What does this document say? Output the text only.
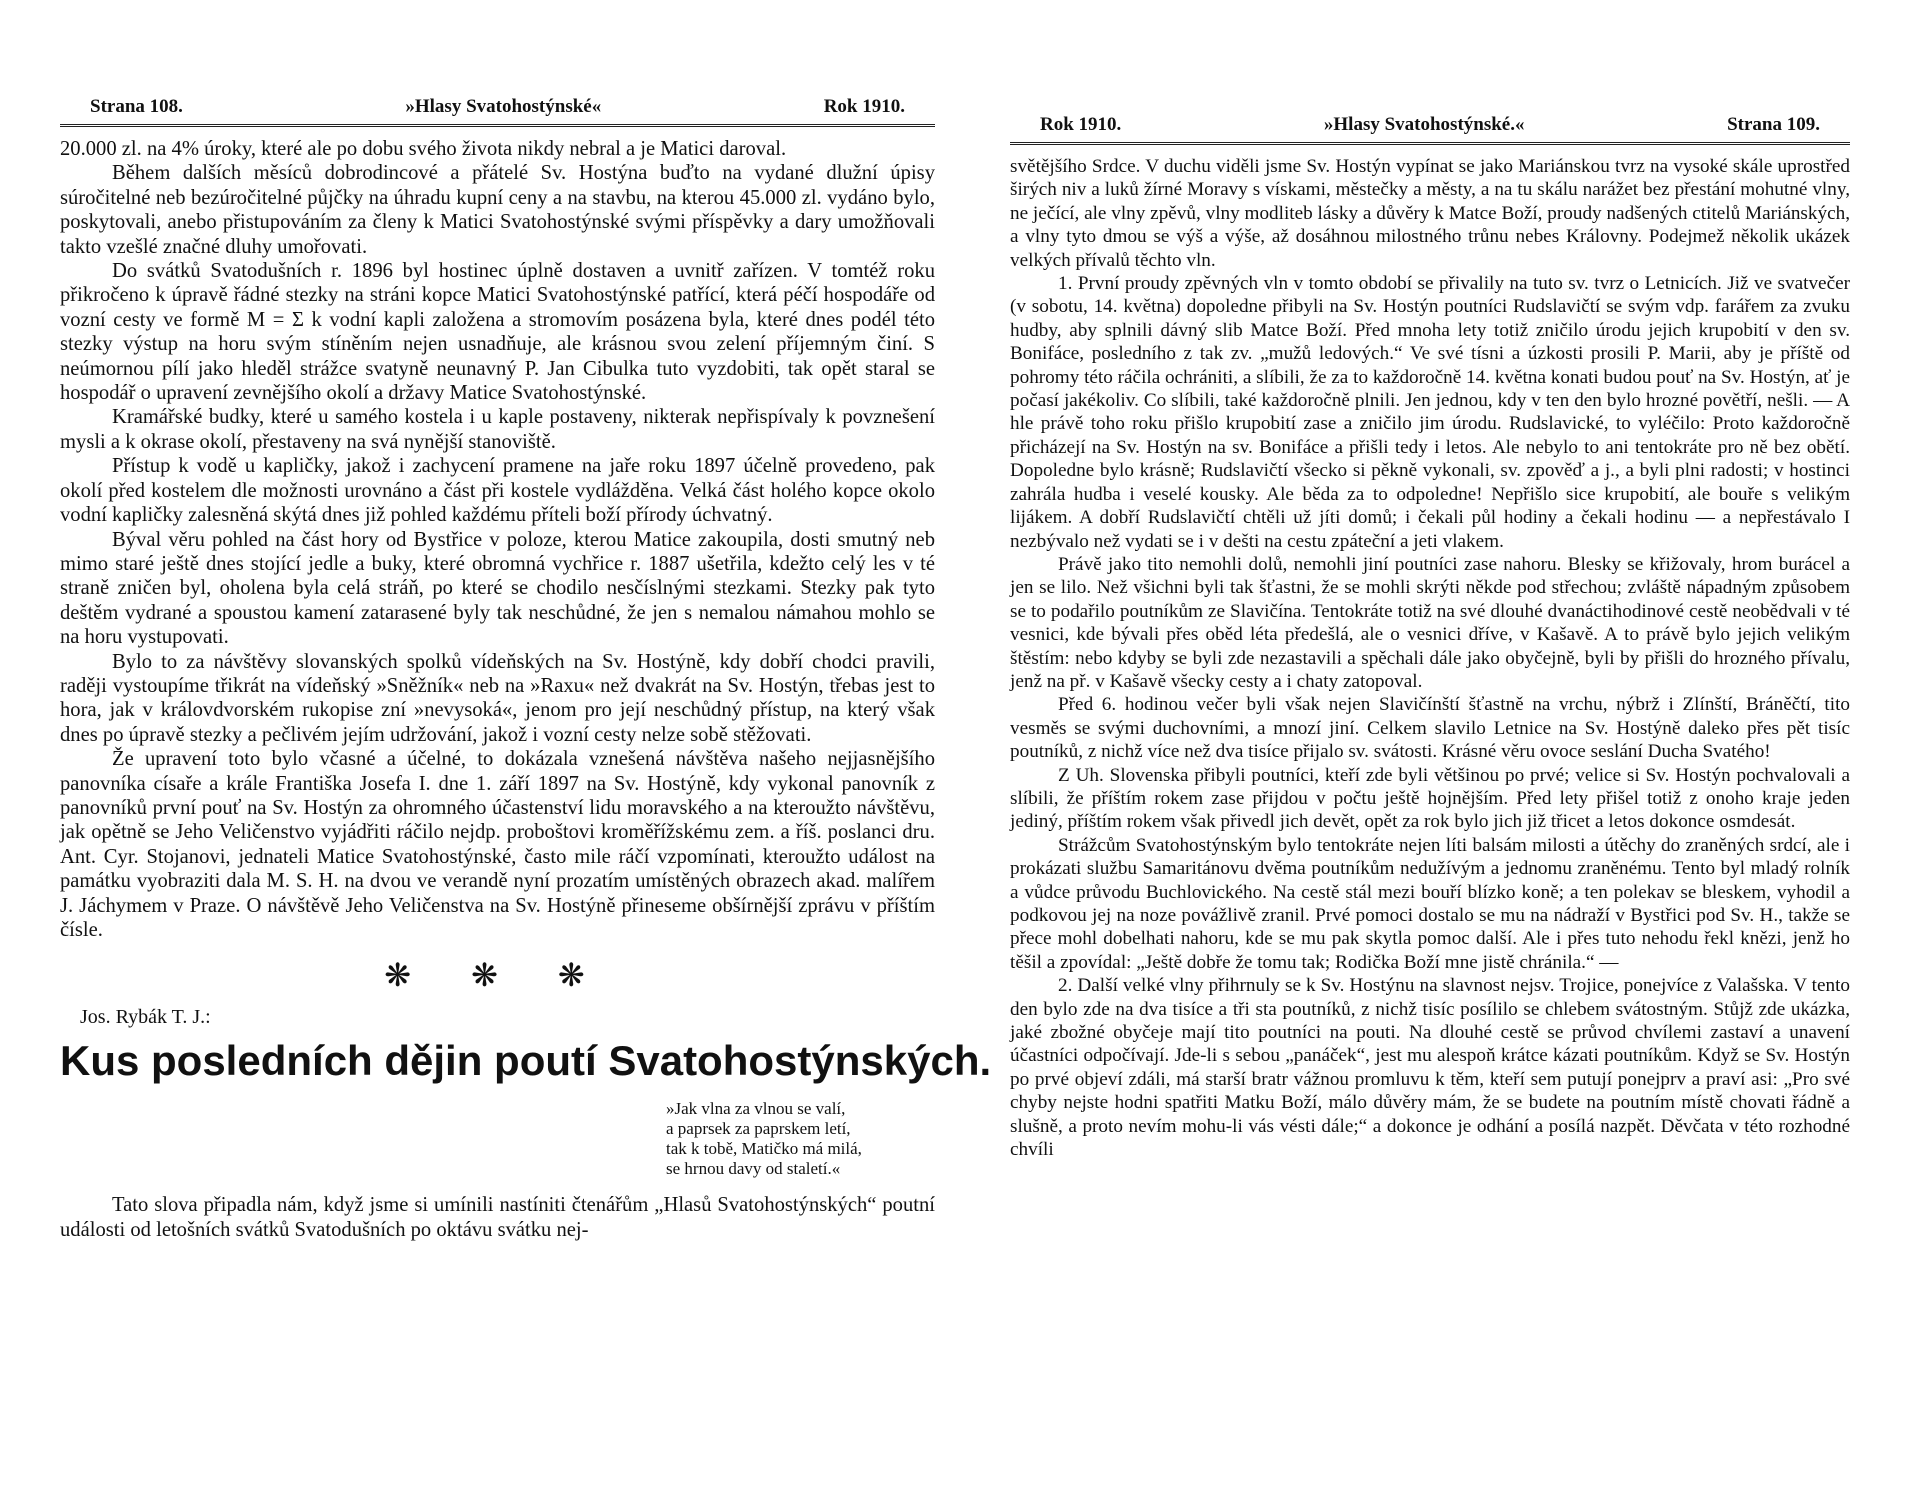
Strana 108.	»Hlasy Svatohostýnské«	Rok 1910.

20.000 zl. na 4% úroky, které ale po dobu svého života nikdy nebral a je Matici daroval.

Během dalších měsíců dobrodincové a přátelé Sv. Hostýna buďto na vydané dlužní úpisy súročitelné neb bezúročitelné půjčky na úhradu kupní ceny a na stavbu, na kterou 45.000 zl. vydáno bylo, poskytovali, anebo přistupováním za členy k Matici Svatohostýnské svými příspěvky a dary umožňovali takto vzešlé značné dluhy umořovati.

Do svátků Svatodušních r. 1896 byl hostinec úplně dostaven a uvnitř zařízen. V tomtéž roku přikročeno k úpravě řádné stezky na stráni kopce Matici Svatohostýnské patřící, která péčí hospodáře od vozní cesty ve formě M = Σ k vodní kapli založena a stromovím posázena byla, které dnes podél této stezky výstup na horu svým stíněním nejen usnadňuje, ale krásnou svou zelení příjemným činí. S neúmornou pílí jako hleděl strážce svatyně neunavný P. Jan Cibulka tuto vyzdobiti, tak opět staral se hospodář o upravení zevnějšího okolí a državy Matice Svatohostýnské.

Kramářské budky, které u samého kostela i u kaple postaveny, nikterak nepřispívaly k povznešení mysli a k okrase okolí, přestaveny na svá nynější stanoviště.

Přístup k vodě u kapličky, jakož i zachycení pramene na jaře roku 1897 účelně provedeno, pak okolí před kostelem dle možnosti urovnáno a část při kostele vydlážděna. Velká část holého kopce okolo vodní kapličky zalesněná skýtá dnes již pohled každému příteli boží přírody úchvatný.

Býval věru pohled na část hory od Bystřice v poloze, kterou Matice zakoupila, dosti smutný neb mimo staré ještě dnes stojící jedle a buky, které obromná vychřice r. 1887 ušetřila, kdežto celý les v té straně zničen byl, oholena byla celá stráň, po které se chodilo nesčíslnými stezkami. Stezky pak tyto deštěm vydrané a spoustou kamení zatarasené byly tak neschůdné, že jen s nemalou námahou mohlo se na horu vystupovati.

Bylo to za návštěvy slovanských spolků vídeňských na Sv. Hostýně, kdy dobří chodci pravili, raději vystoupíme třikrát na vídeňský »Sněžník« neb na »Raxu« než dvakrát na Sv. Hostýn, třebas jest to hora, jak v královdvorském rukopise zní »nevysoká«, jenom pro její neschůdný přístup, na který však dnes po úpravě stezky a pečlivém jejím udržování, jakož i vozní cesty nelze sobě stěžovati.

Že upravení toto bylo včasné a účelné, to dokázala vznešená návštěva našeho nejjasnějšího panovníka císaře a krále Františka Josefa I. dne 1. září 1897 na Sv. Hostýně, kdy vykonal panovník z panovníků první pouť na Sv. Hostýn za ohromného účastenství lidu moravského a na kteroužto návštěvu, jak opětně se Jeho Veličenstvo vyjádřiti ráčilo nejdp. proboštovi kroměřížskému zem. a říš. poslanci dru. Ant. Cyr. Stojanovi, jednateli Matice Svatohostýnské, často mile ráčí vzpomínati, kteroužto událost na památku vyobraziti dala M. S. H. na dvou ve verandě nyní prozatím umístěných obrazech akad. malířem J. Jáchymem v Praze. O návštěvě Jeho Veličenstva na Sv. Hostýně přineseme obšírnější zprávu v příštím čísle.

❋ ❋ ❋
Jos. Rybák T. J.:
Kus posledních dějin poutí Svatohostýnských.
»Jak vlna za vlnou se valí,
a paprsek za paprskem letí,
tak k tobě, Matičko má milá,
se hrnou davy od staletí.«

Tato slova připadla nám, když jsme si umínili nastíniti čtenářům „Hlasů Svatohostýnských“ poutní události od letošních svátků Svatodušních po oktávu svátku nej-

Rok 1910.	»Hlasy Svatohostýnské.«	Strana 109.

světějšího Srdce. V duchu viděli jsme Sv. Hostýn vypínat se jako Mariánskou tvrz na vysoké skále uprostřed širých niv a luků žírné Moravy s vískami, městečky a městy, a na tu skálu narážet bez přestání mohutné vlny, ne ječící, ale vlny zpěvů, vlny modliteb lásky a důvěry k Matce Boží, proudy nadšených ctitelů Mariánských, a vlny tyto dmou se výš a výše, až dosáhnou milostného trůnu nebes Královny. Podejmež několik ukázek velkých přívalů těchto vln.

1. První proudy zpěvných vln v tomto období se přivalily na tuto sv. tvrz o Letnicích. Již ve svatvečer (v sobotu, 14. května) dopoledne přibyli na Sv. Hostýn poutníci Rudslavičtí se svým vdp. farářem za zvuku hudby, aby splnili dávný slib Matce Boží. Před mnoha lety totiž zničilo úrodu jejich krupobití v den sv. Bonifáce, posledního z tak zv. „mužů ledových.“ Ve své tísni a úzkosti prosili P. Marii, aby je příště od pohromy této ráčila ochrániti, a slíbili, že za to každoročně 14. května konati budou pouť na Sv. Hostýn, ať je počasí jakékoliv. Co slíbili, také každoročně plnili. Jen jednou, kdy v ten den bylo hrozné povětří, nešli. — A hle právě toho roku přišlo krupobití zase a zničilo jim úrodu. Rudslavické, to vyléčilo: Proto každoročně přicházejí na Sv. Hostýn na sv. Bonifáce a přišli tedy i letos. Ale nebylo to ani tentokráte pro ně bez obětí. Dopoledne bylo krásně; Rudslavičtí všecko si pěkně vykonali, sv. zpověď a j., a byli plni radosti; v hostinci zahrála hudba i veselé kousky. Ale běda za to odpoledne! Nepřišlo sice krupobití, ale bouře s velikým lijákem. A dobří Rudslavičtí chtěli už jíti domů; i čekali půl hodiny a čekali hodinu — a nepřestávalo I nezbývalo než vydati se i v dešti na cestu zpáteční a jeti vlakem.

Právě jako tito nemohli dolů, nemohli jiní poutníci zase nahoru. Blesky se křižovaly, hrom burácel a jen se lilo. Než všichni byli tak šťastni, že se mohli skrýti někde pod střechou; zvláště nápadným způsobem se to podařilo poutníkům ze Slavičína. Tentokráte totiž na své dlouhé dvanáctihodinové cestě neobědvali v té vesnici, kde bývali přes oběd léta předešlá, ale o vesnici dříve, v Kašavě. A to právě bylo jejich velikým štěstím: nebo kdyby se byli zde nezastavili a spěchali dále jako obyčejně, byli by přišli do hrozného přívalu, jenž na př. v Kašavě všecky cesty a i chaty zatopoval.

Před 6. hodinou večer byli však nejen Slavičínští šťastně na vrchu, nýbrž i Zlínští, Bráněčtí, tito vesměs se svými duchovními, a mnozí jiní. Celkem slavilo Letnice na Sv. Hostýně daleko přes pět tisíc poutníků, z nichž více než dva tisíce přijalo sv. svátosti. Krásné věru ovoce seslání Ducha Svatého!

Z Uh. Slovenska přibyli poutníci, kteří zde byli většinou po prvé; velice si Sv. Hostýn pochvalovali a slíbili, že příštím rokem zase přijdou v počtu ještě hojnějším. Před lety přišel totiž z onoho kraje jeden jediný, příštím rokem však přivedl jich devět, opět za rok bylo jich již třicet a letos dokonce osmdesát.

Strážcům Svatohostýnským bylo tentokráte nejen líti balsám milosti a útěchy do zraněných srdcí, ale i prokázati službu Samaritánovu dvěma poutníkům nedužívým a jednomu zraněnému. Tento byl mladý rolník a vůdce průvodu Buchlovického. Na cestě stál mezi bouří blízko koně; a ten polekav se bleskem, vyhodil a podkovou jej na noze povážlivě zranil. Prvé pomoci dostalo se mu na nádraží v Bystřici pod Sv. H., takže se přece mohl dobelhati nahoru, kde se mu pak skytla pomoc další. Ale i přes tuto nehodu řekl knězi, jenž ho těšil a zpovídal: „Ještě dobře že tomu tak; Rodička Boží mne jistě chránila.“ —

2. Další velké vlny přihrnuly se k Sv. Hostýnu na slavnost nejsv. Trojice, ponejvíce z Valašska. V tento den bylo zde na dva tisíce a tři sta poutníků, z nichž tisíc posílilo se chlebem svátostným. Stůjž zde ukázka, jaké zbožné obyčeje mají tito poutníci na pouti. Na dlouhé cestě se průvod chvílemi zastaví a unavení účastníci odpočívají. Jde-li s sebou „panáček“, jest mu alespoň krátce kázati poutníkům. Když se Sv. Hostýn po prvé objeví zdáli, má starší bratr vážnou promluvu k těm, kteří sem putují ponejprv a praví asi: „Pro své chyby nejste hodni spatřiti Matku Boží, málo důvěry mám, že se budete na poutním místě chovati řádně a slušně, a proto nevím mohu-li vás vésti dále;“ a dokonce je odhání a posílá nazpět. Děvčata v této rozhodné chvíli
